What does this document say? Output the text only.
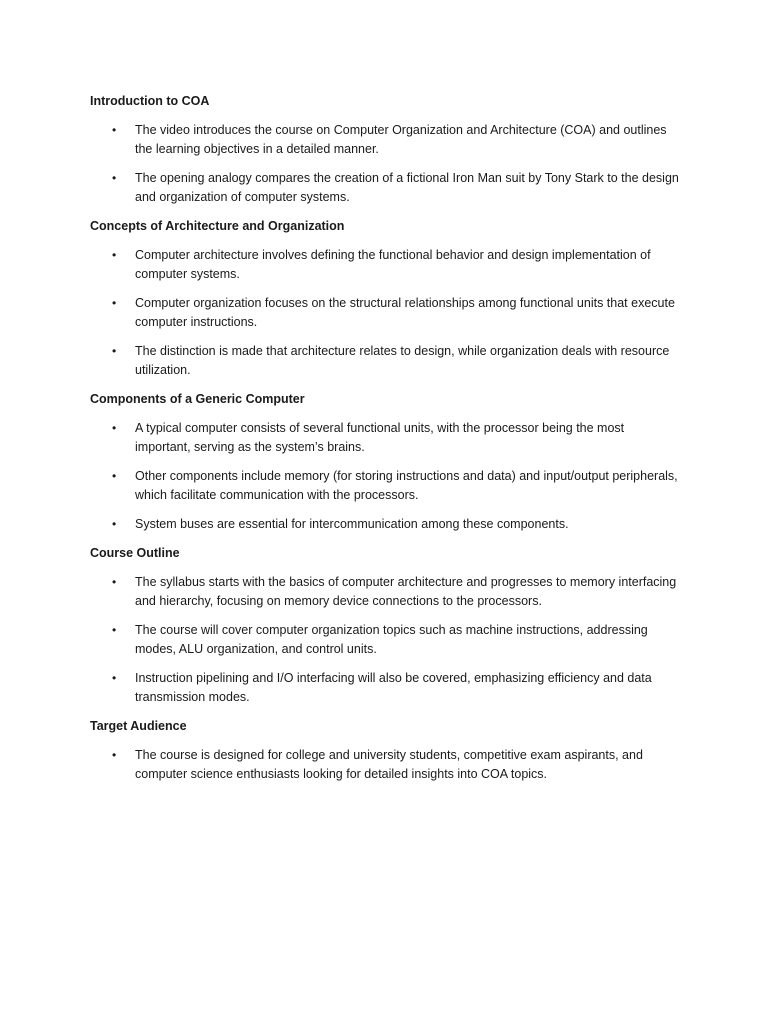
Introduction to COA
• The video introduces the course on Computer Organization and Architecture (COA) and outlines the learning objectives in a detailed manner.
• The opening analogy compares the creation of a fictional Iron Man suit by Tony Stark to the design and organization of computer systems.
Concepts of Architecture and Organization
• Computer architecture involves defining the functional behavior and design implementation of computer systems.
• Computer organization focuses on the structural relationships among functional units that execute computer instructions.
• The distinction is made that architecture relates to design, while organization deals with resource utilization.
Components of a Generic Computer
• A typical computer consists of several functional units, with the processor being the most important, serving as the system’s brains.
• Other components include memory (for storing instructions and data) and input/output peripherals, which facilitate communication with the processors.
• System buses are essential for intercommunication among these components.
Course Outline
• The syllabus starts with the basics of computer architecture and progresses to memory interfacing and hierarchy, focusing on memory device connections to the processors.
• The course will cover computer organization topics such as machine instructions, addressing modes, ALU organization, and control units.
• Instruction pipelining and I/O interfacing will also be covered, emphasizing efficiency and data transmission modes.
Target Audience
• The course is designed for college and university students, competitive exam aspirants, and computer science enthusiasts looking for detailed insights into COA topics.
